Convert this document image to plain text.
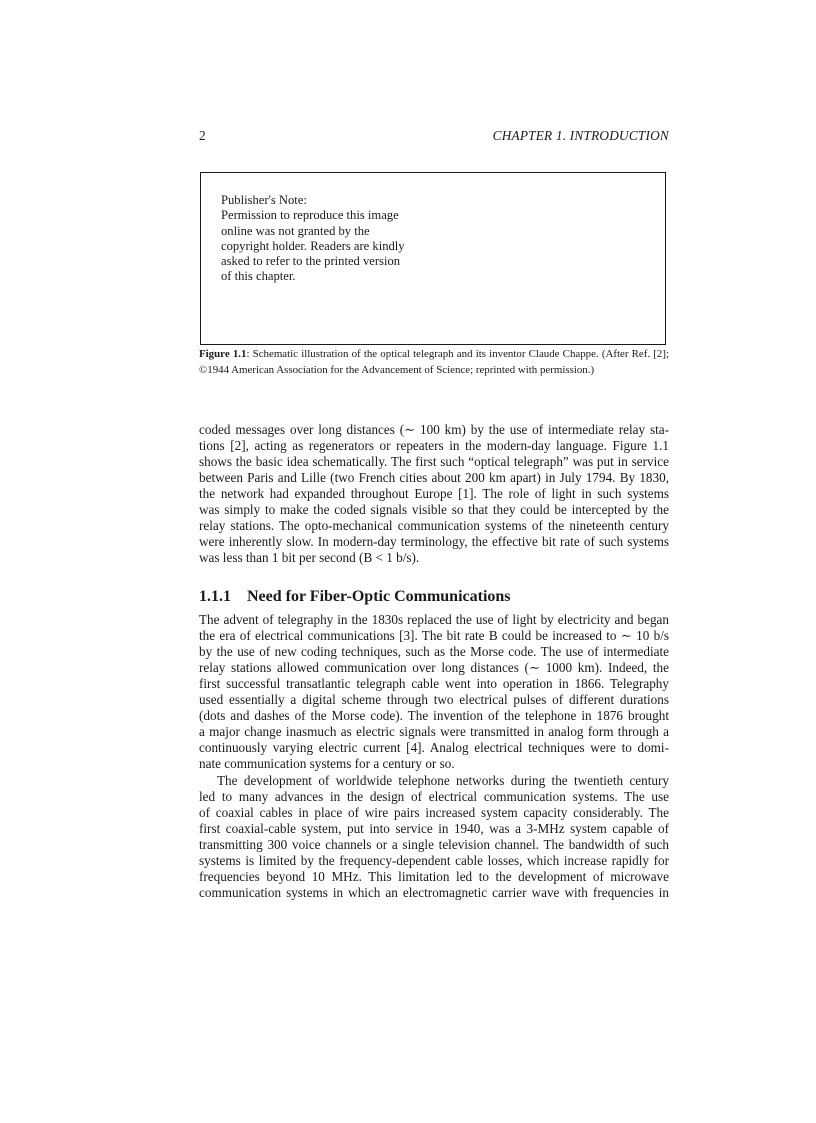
2	CHAPTER 1. INTRODUCTION
Publisher's Note:
Permission to reproduce this image
online was not granted by the
copyright holder. Readers are kindly
asked to refer to the printed version
of this chapter.
Figure 1.1: Schematic illustration of the optical telegraph and its inventor Claude Chappe. (After Ref. [2]; ©1944 American Association for the Advancement of Science; reprinted with permission.)
coded messages over long distances (∼ 100 km) by the use of intermediate relay sta-
tions [2], acting as regenerators or repeaters in the modern-day language. Figure 1.1
shows the basic idea schematically. The first such “optical telegraph” was put in service
between Paris and Lille (two French cities about 200 km apart) in July 1794. By 1830,
the network had expanded throughout Europe [1]. The role of light in such systems
was simply to make the coded signals visible so that they could be intercepted by the
relay stations. The opto-mechanical communication systems of the nineteenth century
were inherently slow. In modern-day terminology, the effective bit rate of such systems
was less than 1 bit per second (B < 1 b/s).
1.1.1 Need for Fiber-Optic Communications
The advent of telegraphy in the 1830s replaced the use of light by electricity and began
the era of electrical communications [3]. The bit rate B could be increased to ∼ 10 b/s
by the use of new coding techniques, such as the Morse code. The use of intermediate
relay stations allowed communication over long distances (∼ 1000 km). Indeed, the
first successful transatlantic telegraph cable went into operation in 1866. Telegraphy
used essentially a digital scheme through two electrical pulses of different durations
(dots and dashes of the Morse code). The invention of the telephone in 1876 brought
a major change inasmuch as electric signals were transmitted in analog form through a
continuously varying electric current [4]. Analog electrical techniques were to domi-
nate communication systems for a century or so.
The development of worldwide telephone networks during the twentieth century
led to many advances in the design of electrical communication systems. The use
of coaxial cables in place of wire pairs increased system capacity considerably. The
first coaxial-cable system, put into service in 1940, was a 3-MHz system capable of
transmitting 300 voice channels or a single television channel. The bandwidth of such
systems is limited by the frequency-dependent cable losses, which increase rapidly for
frequencies beyond 10 MHz. This limitation led to the development of microwave
communication systems in which an electromagnetic carrier wave with frequencies in
